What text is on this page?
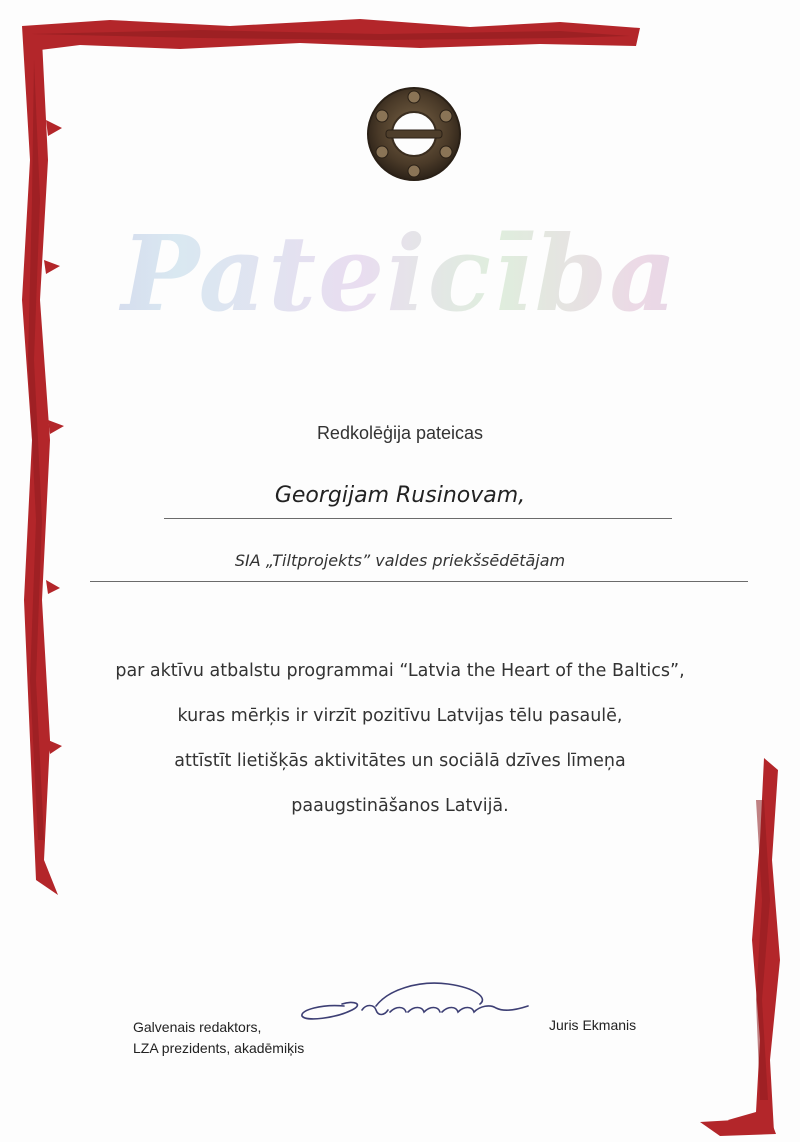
Pateicība
Redkolēģija pateicas
Georgijam Rusinovam,
SIA „Tiltprojekts” valdes priekšsēdētājam
par aktīvu atbalstu programmai “Latvia the Heart of the Baltics”,
kuras mērķis ir virzīt pozitīvu Latvijas tēlu pasaulē,
attīstīt lietišķās aktivitātes un sociālā dzīves līmeņa
paaugstināšanos Latvijā.
Galvenais redaktors,
LZA prezidents, akadēmiķis
Juris Ekmanis
